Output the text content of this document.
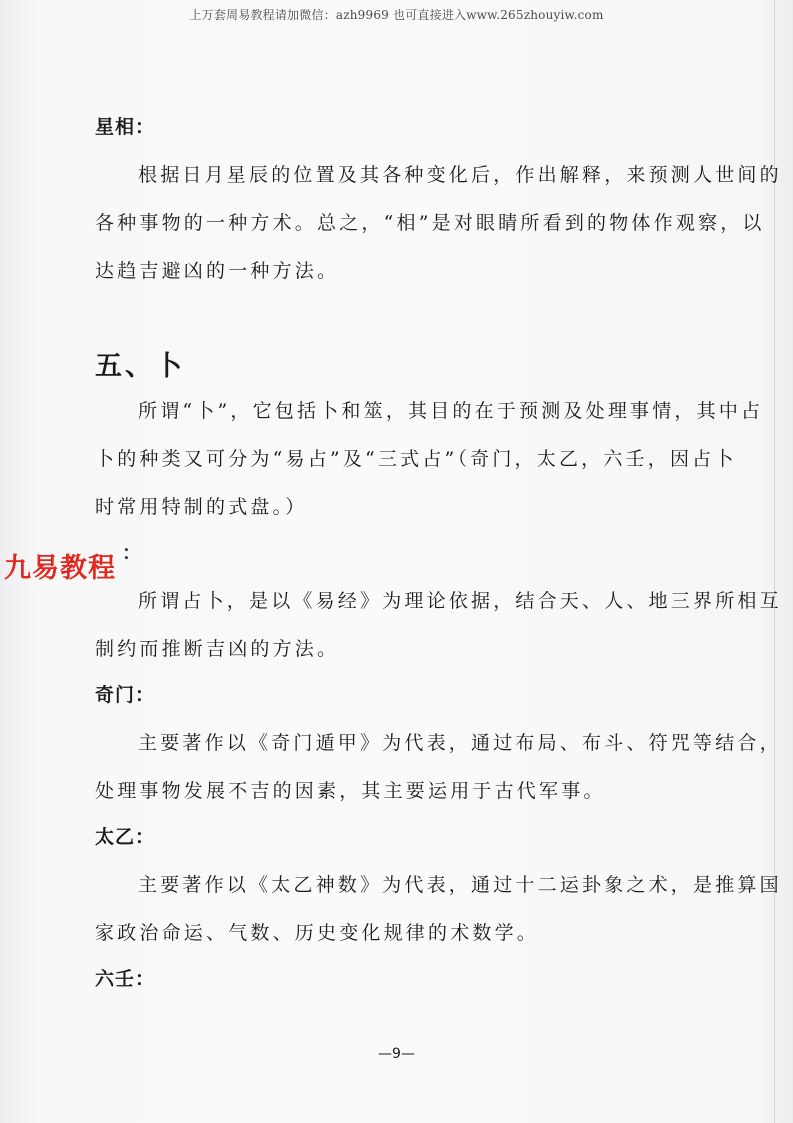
上万套周易教程请加微信：azh9969 也可直接进入www.265zhouyiw.com
星相：
根据日月星辰的位置及其各种变化后，作出解释，来预测人世间的
各种事物的一种方术。总之，“相”是对眼睛所看到的物体作观察，以
达趋吉避凶的一种方法。
五、卜
所谓“卜”，它包括卜和筮，其目的在于预测及处理事情，其中占
卜的种类又可分为“易占”及“三式占”（奇门，太乙，六壬，因占卜
时常用特制的式盘。）
：
九易教程
所谓占卜，是以《易经》为理论依据，结合天、人、地三界所相互
制约而推断吉凶的方法。
奇门：
主要著作以《奇门遁甲》为代表，通过布局、布斗、符咒等结合，
处理事物发展不吉的因素，其主要运用于古代军事。
太乙：
主要著作以《太乙神数》为代表，通过十二运卦象之术，是推算国
家政治命运、气数、历史变化规律的术数学。
六壬：
—9—
